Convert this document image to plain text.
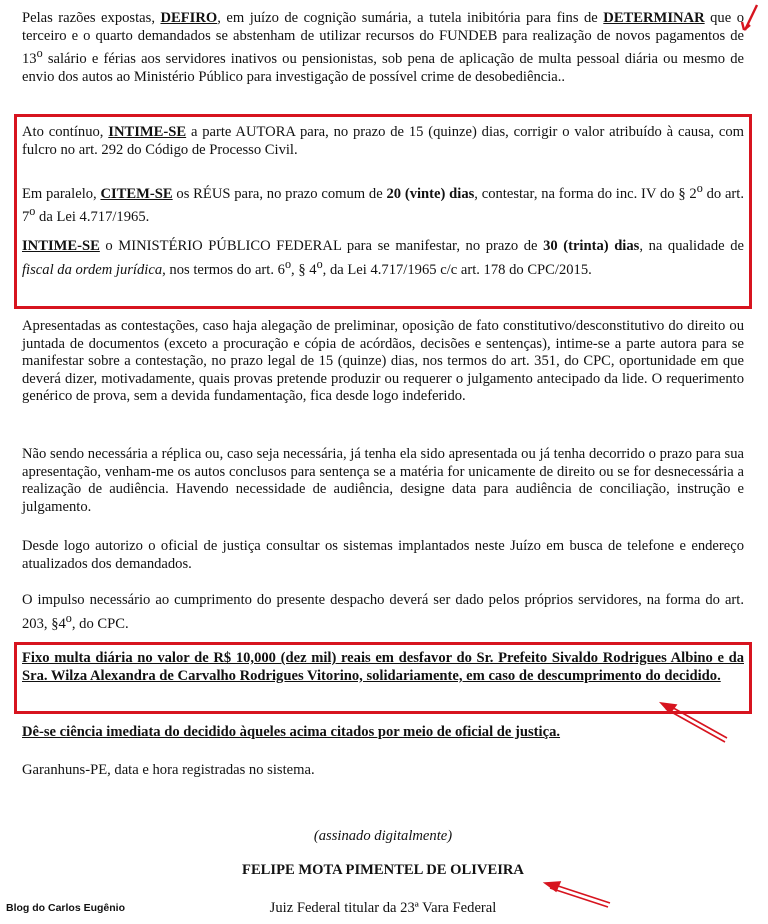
Pelas razões expostas, DEFIRO, em juízo de cognição sumária, a tutela inibitória para fins de DETERMINAR que o terceiro e o quarto demandados se abstenham de utilizar recursos do FUNDEB para realização de novos pagamentos de 13$^o$ salário e férias aos servidores inativos ou pensionistas, sob pena de aplicação de multa pessoal diária ou mesmo de envio dos autos ao Ministério Público para investigação de possível crime de desobediência..

Ato contínuo, INTIME-SE a parte AUTORA para, no prazo de 15 (quinze) dias, corrigir o valor atribuído à causa, com fulcro no art. 292 do Código de Processo Civil.

Em paralelo, CITEM-SE os RÉUS para, no prazo comum de 20 (vinte) dias, contestar, na forma do inc. IV do § 2$^o$ do art. 7$^o$ da Lei 4.717/1965.

INTIME-SE o MINISTÉRIO PÚBLICO FEDERAL para se manifestar, no prazo de 30 (trinta) dias, na qualidade de fiscal da ordem jurídica, nos termos do art. 6$^o$, § 4$^o$, da Lei 4.717/1965 c/c art. 178 do CPC/2015.

Apresentadas as contestações, caso haja alegação de preliminar, oposição de fato constitutivo/desconstitutivo do direito ou juntada de documentos (exceto a procuração e cópia de acórdãos, decisões e sentenças), intime-se a parte autora para se manifestar sobre a contestação, no prazo legal de 15 (quinze) dias, nos termos do art. 351, do CPC, oportunidade em que deverá dizer, motivadamente, quais provas pretende produzir ou requerer o julgamento antecipado da lide. O requerimento genérico de prova, sem a devida fundamentação, fica desde logo indeferido.

Não sendo necessária a réplica ou, caso seja necessária, já tenha ela sido apresentada ou já tenha decorrido o prazo para sua apresentação, venham-me os autos conclusos para sentença se a matéria for unicamente de direito ou se for desnecessária a realização de audiência. Havendo necessidade de audiência, designe data para audiência de conciliação, instrução e julgamento.

Desde logo autorizo o oficial de justiça consultar os sistemas implantados neste Juízo em busca de telefone e endereço atualizados dos demandados.

O impulso necessário ao cumprimento do presente despacho deverá ser dado pelos próprios servidores, na forma do art. 203, §4$^o$, do CPC.

Fixo multa diária no valor de R$ 10,000 (dez mil) reais em desfavor do Sr. Prefeito Sivaldo Rodrigues Albino e da Sra. Wilza Alexandra de Carvalho Rodrigues Vitorino, solidariamente, em caso de descumprimento do decidido.

Dê-se ciência imediata do decidido àqueles acima citados por meio de oficial de justiça.

Garanhuns-PE, data e hora registradas no sistema.

(assinado digitalmente)

FELIPE MOTA PIMENTEL DE OLIVEIRA

Juiz Federal titular da 23ª Vara Federal

Blog do Carlos Eugênio
